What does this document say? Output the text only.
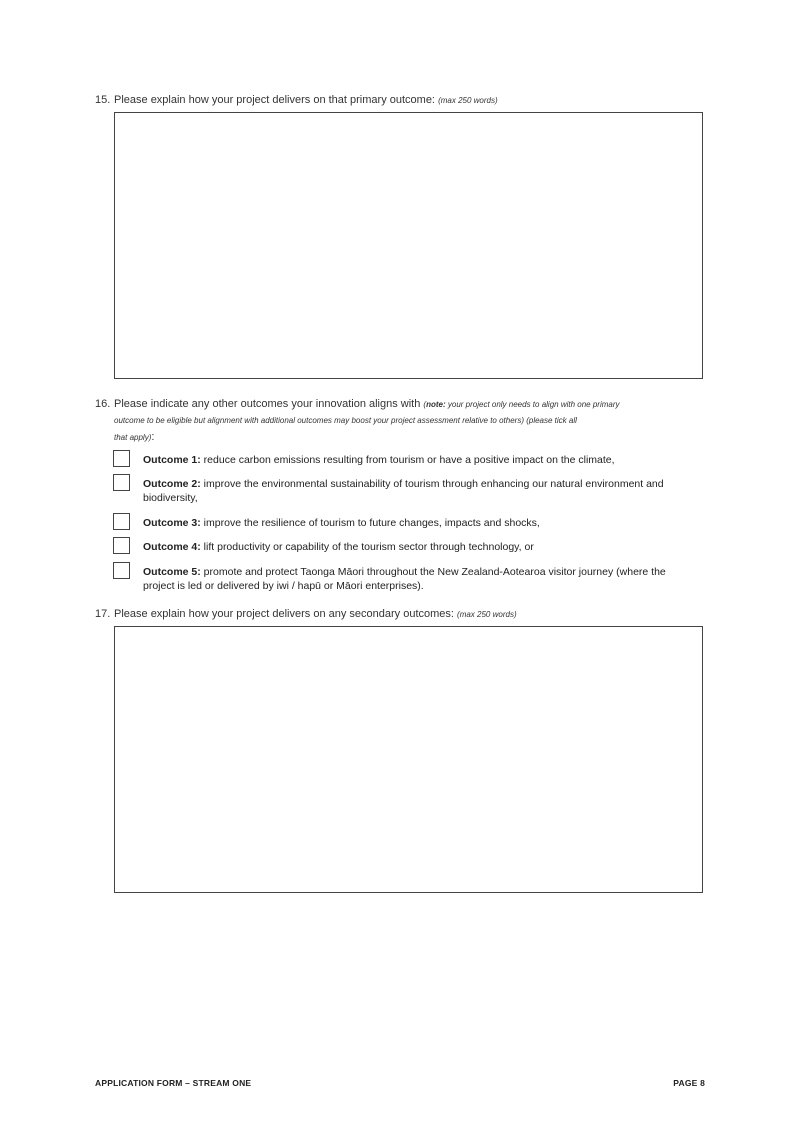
15. Please explain how your project delivers on that primary outcome: (max 250 words)
16. Please indicate any other outcomes your innovation aligns with (note: your project only needs to align with one primary
outcome to be eligible but alignment with additional outcomes may boost your project assessment relative to others) (please tick all
that apply):
Outcome 1: reduce carbon emissions resulting from tourism or have a positive impact on the climate,
Outcome 2: improve the environmental sustainability of tourism through enhancing our natural environment and biodiversity,
Outcome 3: improve the resilience of tourism to future changes, impacts and shocks,
Outcome 4: lift productivity or capability of the tourism sector through technology, or
Outcome 5: promote and protect Taonga Māori throughout the New Zealand-Aotearoa visitor journey (where the project is led or delivered by iwi / hapū or Māori enterprises).
17. Please explain how your project delivers on any secondary outcomes: (max 250 words)
APPLICATION FORM – STREAM ONE	PAGE 8
